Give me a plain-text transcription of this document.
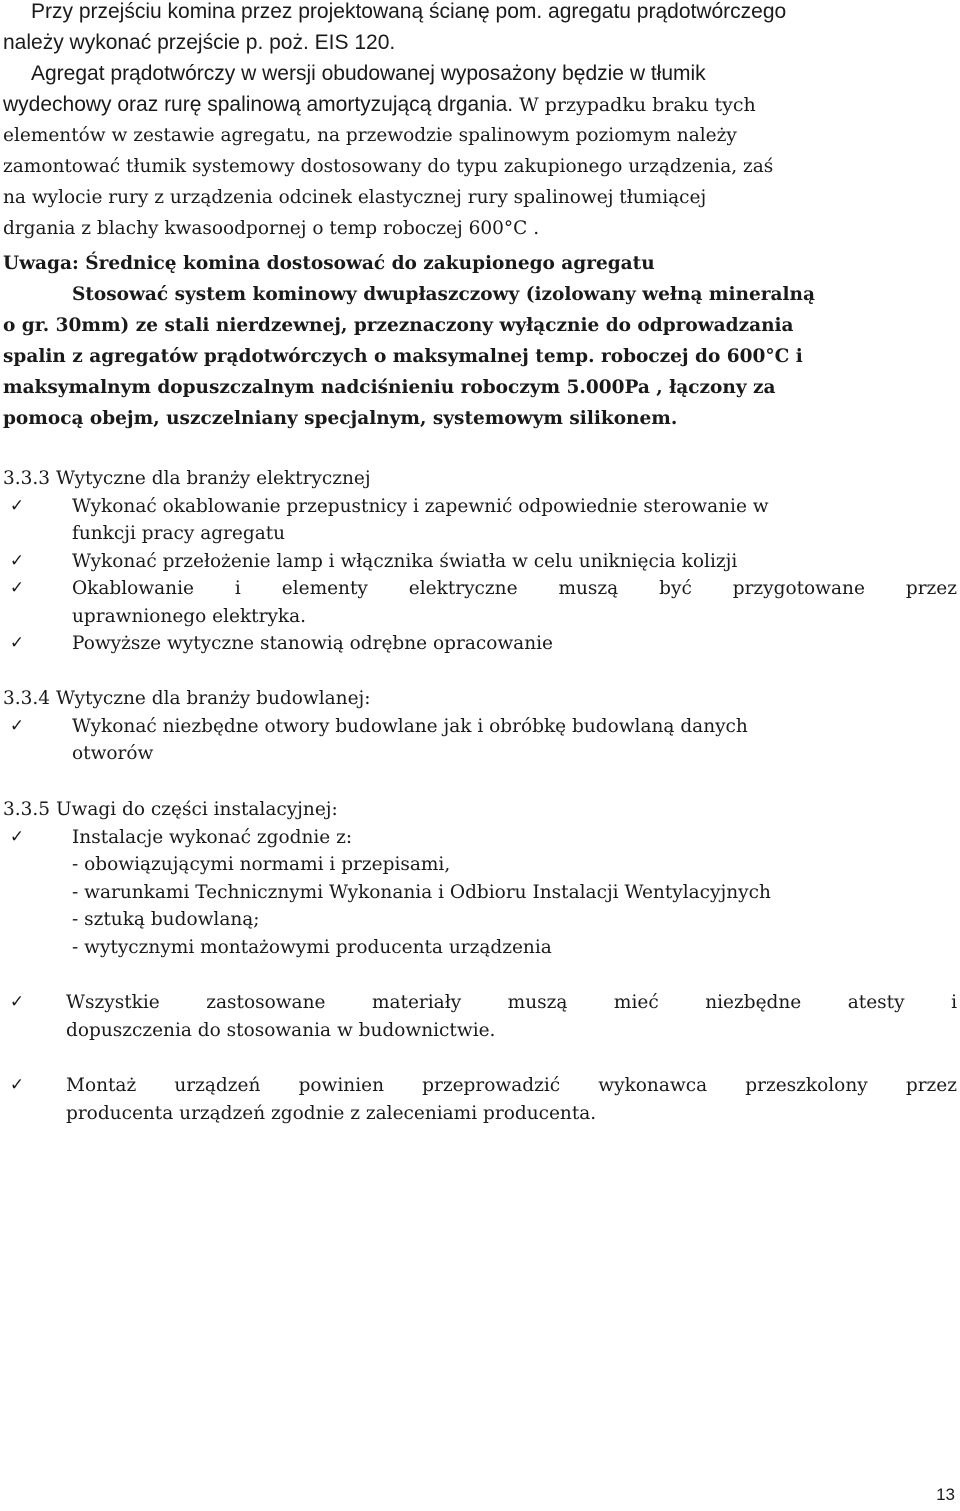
Przy przejściu komina przez projektowaną ścianę pom. agregatu prądotwórczego
należy wykonać przejście p. poż. EIS 120.
Agregat prądotwórczy w wersji obudowanej wyposażony będzie w tłumik
wydechowy oraz rurę spalinową amortyzującą drgania. W przypadku braku tych
elementów w zestawie agregatu, na przewodzie spalinowym poziomym należy
zamontować tłumik systemowy dostosowany do typu zakupionego urządzenia, zaś
na wylocie rury z urządzenia odcinek elastycznej rury spalinowej tłumiącej
drgania z blachy kwasoodpornej o temp roboczej 600°C .
Uwaga: Średnicę komina dostosować do zakupionego agregatu
Stosować system kominowy dwupłaszczowy (izolowany wełną mineralną
o gr. 30mm) ze stali nierdzewnej, przeznaczony wyłącznie do odprowadzania
spalin z agregatów prądotwórczych o maksymalnej temp. roboczej do 600°C i
maksymalnym dopuszczalnym nadciśnieniu roboczym 5.000Pa , łączony za
pomocą obejm, uszczelniany specjalnym, systemowym silikonem.
3.3.3 Wytyczne dla branży elektrycznej
✓	Wykonać okablowanie przepustnicy i zapewnić odpowiednie sterowanie w
funkcji pracy agregatu
✓	Wykonać przełożenie lamp i włącznika światła w celu uniknięcia kolizji
✓	Okablowanie i elementy elektryczne muszą być przygotowane przez
uprawnionego elektryka.
✓	Powyższe wytyczne stanowią odrębne opracowanie
3.3.4 Wytyczne dla branży budowlanej:
✓	Wykonać niezbędne otwory budowlane jak i obróbkę budowlaną danych
otworów
3.3.5 Uwagi do części instalacyjnej:
✓	Instalacje wykonać zgodnie z:
- obowiązującymi normami i przepisami,
- warunkami Technicznymi Wykonania i Odbioru Instalacji Wentylacyjnych
- sztuką budowlaną;
- wytycznymi montażowymi producenta urządzenia
✓ Wszystkie zastosowane materiały muszą mieć niezbędne atesty i
dopuszczenia do stosowania w budownictwie.
✓ Montaż urządzeń powinien przeprowadzić wykonawca przeszkolony przez
producenta urządzeń zgodnie z zaleceniami producenta.
13
